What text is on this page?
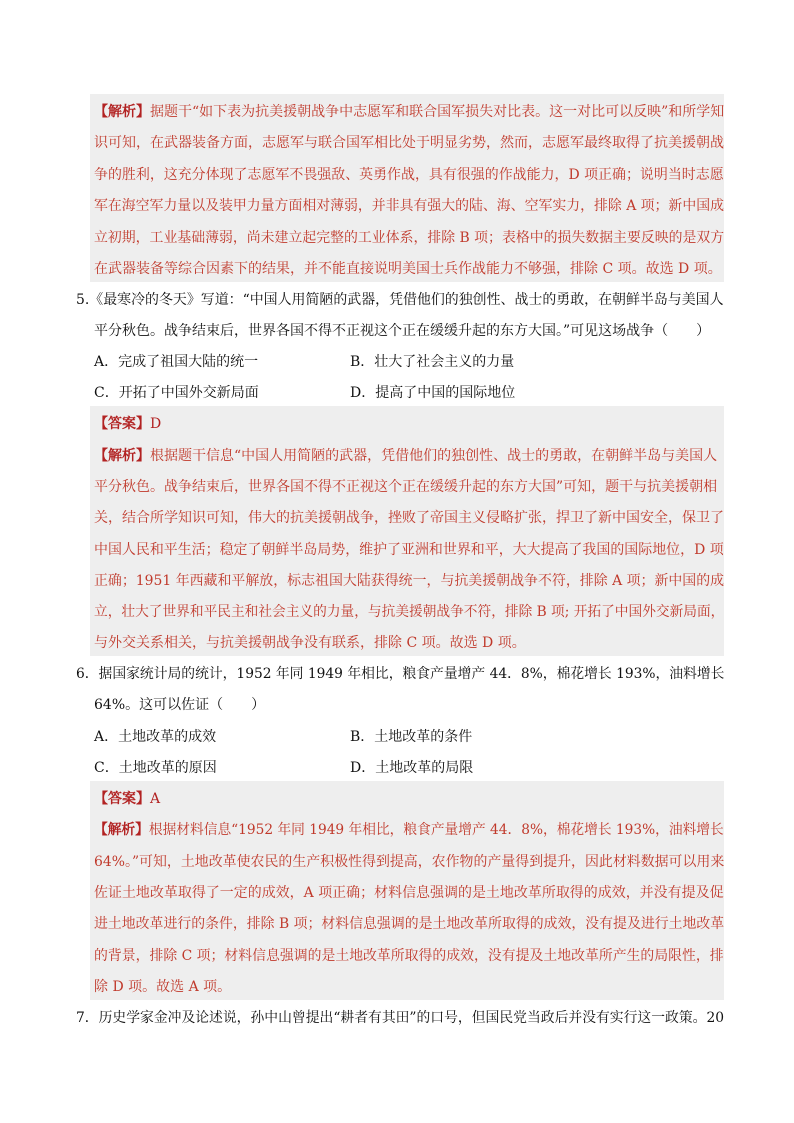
【解析】据题干“如下表为抗美援朝战争中志愿军和联合国军损失对比表。这一对比可以反映”和所学知
识可知，在武器装备方面，志愿军与联合国军相比处于明显劣势，然而，志愿军最终取得了抗美援朝战
争的胜利，这充分体现了志愿军不畏强敌、英勇作战，具有很强的作战能力，D 项正确；说明当时志愿
军在海空军力量以及装甲力量方面相对薄弱，并非具有强大的陆、海、空军实力，排除 A 项；新中国成
立初期，工业基础薄弱，尚未建立起完整的工业体系，排除 B 项；表格中的损失数据主要反映的是双方
在武器装备等综合因素下的结果，并不能直接说明美国士兵作战能力不够强，排除 C 项。故选 D 项。
5.《最寒冷的冬天》写道：“中国人用简陋的武器，凭借他们的独创性、战士的勇敢，在朝鲜半岛与美国人
平分秋色。战争结束后，世界各国不得不正视这个正在缓缓升起的东方大国。”可见这场战争（　　）
A．完成了祖国大陆的统一	B．壮大了社会主义的力量
C．开拓了中国外交新局面	D．提高了中国的国际地位
【答案】D
【解析】根据题干信息“中国人用简陋的武器，凭借他们的独创性、战士的勇敢，在朝鲜半岛与美国人
平分秋色。战争结束后，世界各国不得不正视这个正在缓缓升起的东方大国”可知，题干与抗美援朝相
关，结合所学知识可知，伟大的抗美援朝战争，挫败了帝国主义侵略扩张，捍卫了新中国安全，保卫了
中国人民和平生活；稳定了朝鲜半岛局势，维护了亚洲和世界和平，大大提高了我国的国际地位，D 项
正确；1951 年西藏和平解放，标志祖国大陆获得统一，与抗美援朝战争不符，排除 A 项；新中国的成
立，壮大了世界和平民主和社会主义的力量，与抗美援朝战争不符，排除 B 项; 开拓了中国外交新局面，
与外交关系相关，与抗美援朝战争没有联系，排除 C 项。故选 D 项。
6．据国家统计局的统计，1952 年同 1949 年相比，粮食产量增产 44．8%，棉花增长 193%，油料增长
64%。这可以佐证（　　）
A．土地改革的成效	B．土地改革的条件
C．土地改革的原因	D．土地改革的局限
【答案】A
【解析】根据材料信息“1952 年同 1949 年相比，粮食产量增产 44．8%，棉花增长 193%，油料增长
64%。”可知，土地改革使农民的生产积极性得到提高，农作物的产量得到提升，因此材料数据可以用来
佐证土地改革取得了一定的成效，A 项正确；材料信息强调的是土地改革所取得的成效，并没有提及促
进土地改革进行的条件，排除 B 项；材料信息强调的是土地改革所取得的成效，没有提及进行土地改革
的背景，排除 C 项；材料信息强调的是土地改革所取得的成效，没有提及土地改革所产生的局限性，排
除 D 项。故选 A 项。
7．历史学家金冲及论述说，孙中山曾提出“耕者有其田”的口号，但国民党当政后并没有实行这一政策。20
